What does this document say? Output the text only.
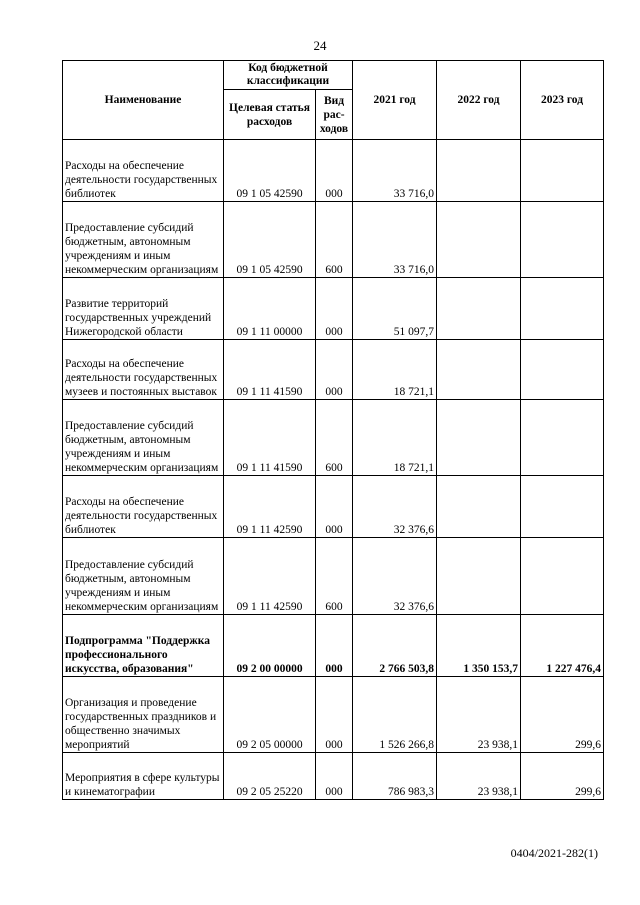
24
Наименование	Код бюджетной классификации		2021 год	2022 год	2023 год
	Целевая статья расходов	Вид рас-ходов			
Расходы на обеспечение деятельности государственных библиотек	09 1 05 42590	000	33 716,0		
Предоставление субсидий бюджетным, автономным учреждениям и иным некоммерческим организациям	09 1 05 42590	600	33 716,0		
Развитие территорий государственных учреждений Нижегородской области	09 1 11 00000	000	51 097,7		
Расходы на обеспечение деятельности государственных музеев и постоянных выставок	09 1 11 41590	000	18 721,1		
Предоставление субсидий бюджетным, автономным учреждениям и иным некоммерческим организациям	09 1 11 41590	600	18 721,1		
Расходы на обеспечение деятельности государственных библиотек	09 1 11 42590	000	32 376,6		
Предоставление субсидий бюджетным, автономным учреждениям и иным некоммерческим организациям	09 1 11 42590	600	32 376,6		
Подпрограмма "Поддержка профессионального искусства, образования"	09 2 00 00000	000	2 766 503,8	1 350 153,7	1 227 476,4
Организация и проведение государственных праздников и общественно значимых мероприятий	09 2 05 00000	000	1 526 266,8	23 938,1	299,6
Мероприятия в сфере культуры и кинематографии	09 2 05 25220	000	786 983,3	23 938,1	299,6
0404/2021-282(1)
